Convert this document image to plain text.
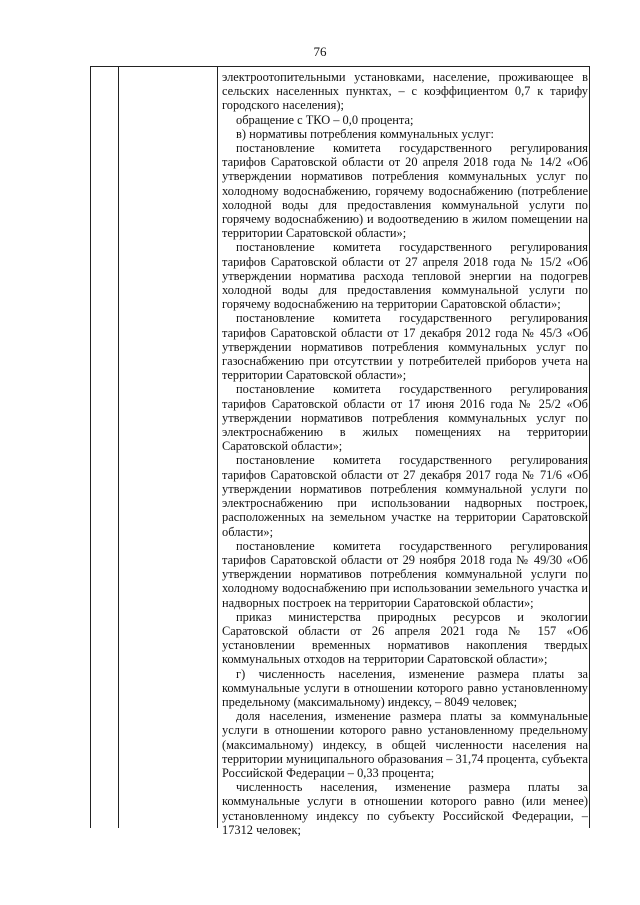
76

электроотопительными установками, население, проживающее в сельских населенных пунктах, – с коэффициентом 0,7 к тарифу городского населения);

обращение с ТКО – 0,0 процента;

в) нормативы потребления коммунальных услуг:

постановление комитета государственного регулирования тарифов Саратовской области от 20 апреля 2018 года № 14/2 «Об утверждении нормативов потребления коммунальных услуг по холодному водоснабжению, горячему водоснабжению (потребление холодной воды для предоставления коммунальной услуги по горячему водоснабжению) и водоотведению в жилом помещении на территории Саратовской области»;

постановление комитета государственного регулирования тарифов Саратовской области от 27 апреля 2018 года № 15/2 «Об утверждении норматива расхода тепловой энергии на подогрев холодной воды для предоставления коммунальной услуги по горячему водоснабжению на территории Саратовской области»;

постановление комитета государственного регулирования тарифов Саратовской области от 17 декабря 2012 года № 45/3 «Об утверждении нормативов потребления коммунальных услуг по газоснабжению при отсутствии у потребителей приборов учета на территории Саратовской области»;

постановление комитета государственного регулирования тарифов Саратовской области от 17 июня 2016 года № 25/2 «Об утверждении нормативов потребления коммунальных услуг по электроснабжению в жилых помещениях на территории Саратовской области»;

постановление комитета государственного регулирования тарифов Саратовской области от 27 декабря 2017 года № 71/6 «Об утверждении нормативов потребления коммунальной услуги по электроснабжению при использовании надворных построек, расположенных на земельном участке на территории Саратовской области»;

постановление комитета государственного регулирования тарифов Саратовской области от 29 ноября 2018 года № 49/30 «Об утверждении нормативов потребления коммунальной услуги по холодному водоснабжению при использовании земельного участка и надворных построек на территории Саратовской области»;

приказ министерства природных ресурсов и экологии Саратовской области от 26 апреля 2021 года № 157 «Об установлении временных нормативов накопления твердых коммунальных отходов на территории Саратовской области»;

г) численность населения, изменение размера платы за коммунальные услуги в отношении которого равно установленному предельному (максимальному) индексу, – 8049 человек;

доля населения, изменение размера платы за коммунальные услуги в отношении которого равно установленному предельному (максимальному) индексу, в общей численности населения на территории муниципального образования – 31,74 процента, субъекта Российской Федерации – 0,33 процента;

численность населения, изменение размера платы за коммунальные услуги в отношении которого равно (или менее) установленному индексу по субъекту Российской Федерации, – 17312 человек;
